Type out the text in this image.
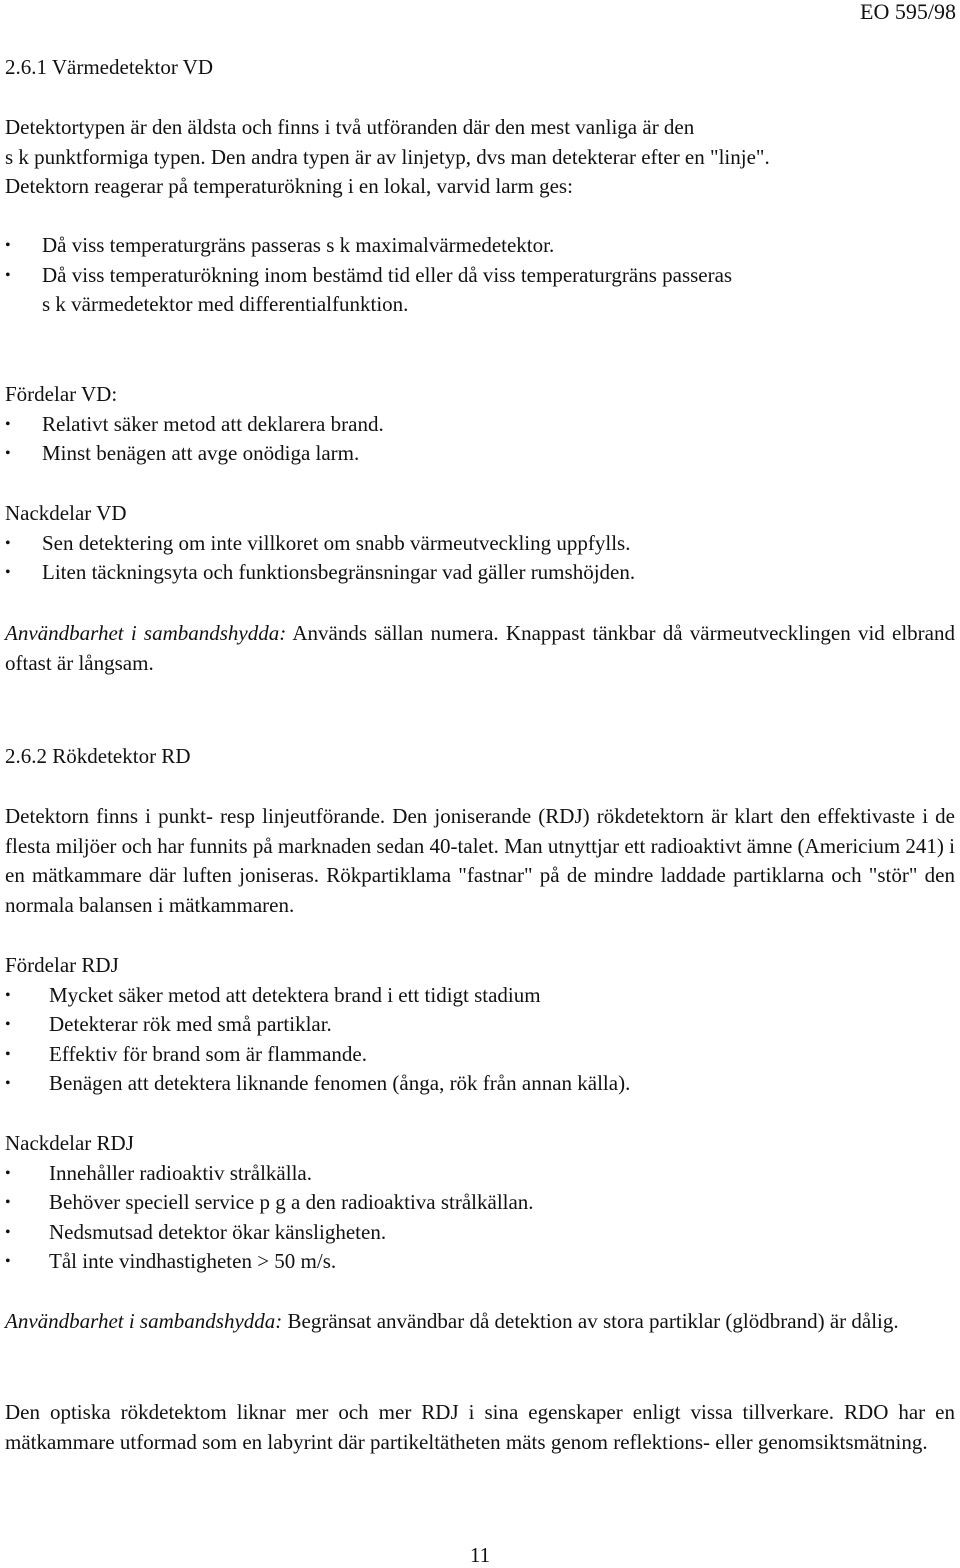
EO 595/98
2.6.1 Värmedetektor VD
Detektortypen är den äldsta och finns i två utföranden där den mest vanliga är den
s k punktformiga typen. Den andra typen är av linjetyp, dvs man detekterar efter en "linje".
Detektorn reagerar på temperaturökning i en lokal, varvid larm ges:
• Då viss temperaturgräns passeras s k maximalvärmedetektor.
• Då viss temperaturökning inom bestämd tid eller då viss temperaturgräns passeras
s k värmedetektor med differentialfunktion.
Fördelar VD:
• Relativt säker metod att deklarera brand.
• Minst benägen att avge onödiga larm.
Nackdelar VD
• Sen detektering om inte villkoret om snabb värmeutveckling uppfylls.
• Liten täckningsyta och funktionsbegränsningar vad gäller rumshöjden.
Användbarhet i sambandshydda: Används sällan numera. Knappast tänkbar då värmeutvecklingen vid elbrand oftast är långsam.
2.6.2 Rökdetektor RD
Detektorn finns i punkt- resp linjeutförande. Den joniserande (RDJ) rökdetektorn är klart den effektivaste i de flesta miljöer och har funnits på marknaden sedan 40-talet. Man utnyttjar ett radioaktivt ämne (Americium 241) i en mätkammare där luften joniseras. Rökpartiklama "fastnar" på de mindre laddade partiklarna och "stör" den normala balansen i mätkammaren.
Fördelar RDJ
• Mycket säker metod att detektera brand i ett tidigt stadium
• Detekterar rök med små partiklar.
• Effektiv för brand som är flammande.
• Benägen att detektera liknande fenomen (ånga, rök från annan källa).
Nackdelar RDJ
• Innehåller radioaktiv strålkälla.
• Behöver speciell service p g a den radioaktiva strålkällan.
• Nedsmutsad detektor ökar känsligheten.
• Tål inte vindhastigheten > 50 m/s.
Användbarhet i sambandshydda: Begränsat användbar då detektion av stora partiklar (glödbrand) är dålig.
Den optiska rökdetektom liknar mer och mer RDJ i sina egenskaper enligt vissa tillverkare. RDO har en mätkammare utformad som en labyrint där partikeltätheten mäts genom reflektions- eller genomsiktsmätning.
11
